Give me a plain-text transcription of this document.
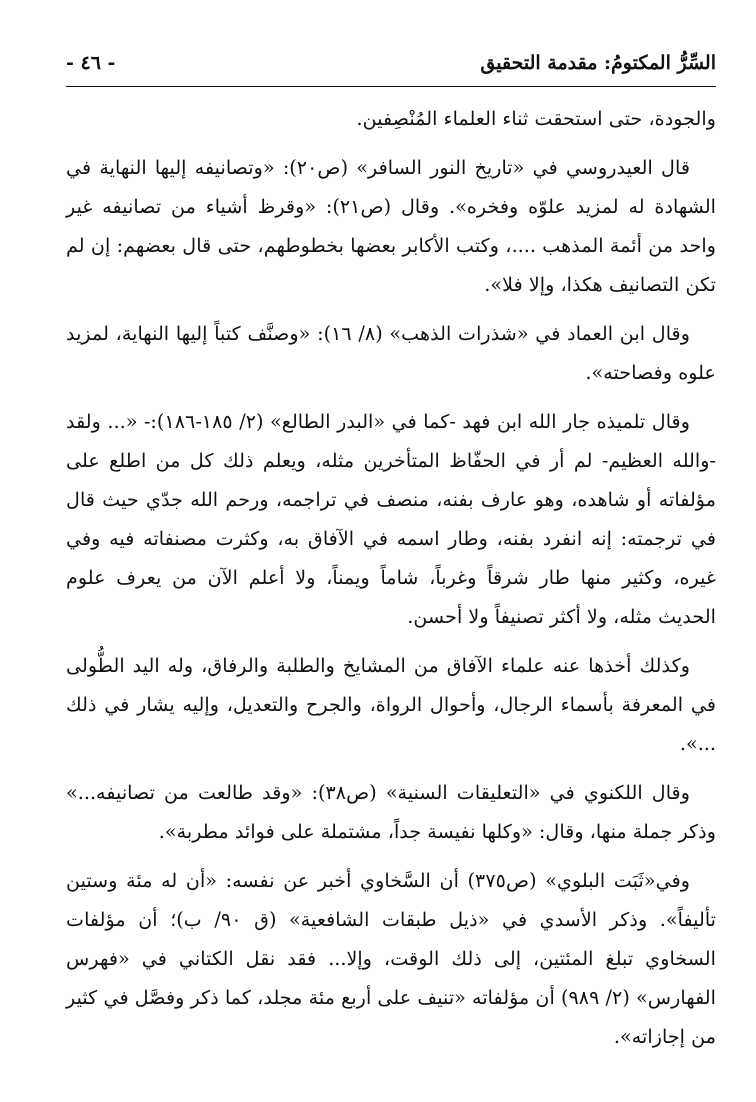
السِّرُّ المكتومُ: مقدمة التحقيق
- ٤٦ -

والجودة، حتى استحقت ثناء العلماء المُنْصِفين.

قال العيدروسي في «تاريخ النور السافر» (ص٢٠): «وتصانيفه إليها النهاية في الشهادة له لمزيد علوّه وفخره». وقال (ص٢١): «وقرظ أشياء من تصانيفه غير واحد من أئمة المذهب ....، وكتب الأكابر بعضها بخطوطهم، حتى قال بعضهم: إن لم تكن التصانيف هكذا، وإلا فلا».

وقال ابن العماد في «شذرات الذهب» (٨/ ١٦): «وصنَّف كتباً إليها النهاية، لمزيد علوه وفصاحته».

وقال تلميذه جار الله ابن فهد -كما في «البدر الطالع» (٢/ ١٨٥-١٨٦):- «... ولقد -والله العظيم- لم أر في الحفّاظ المتأخرين مثله، ويعلم ذلك كل من اطلع على مؤلفاته أو شاهده، وهو عارف بفنه، منصف في تراجمه، ورحم الله جدّي حيث قال في ترجمته: إنه انفرد بفنه، وطار اسمه في الآفاق به، وكثرت مصنفاته فيه وفي غيره، وكثير منها طار شرقاً وغرباً، شاماً ويمناً، ولا أعلم الآن من يعرف علوم الحديث مثله، ولا أكثر تصنيفاً ولا أحسن.

وكذلك أخذها عنه علماء الآفاق من المشايخ والطلبة والرفاق، وله اليد الطُّولى في المعرفة بأسماء الرجال، وأحوال الرواة، والجرح والتعديل، وإليه يشار في ذلك ...».

وقال اللكنوي في «التعليقات السنية» (ص٣٨): «وقد طالعت من تصانيفه...» وذكر جملة منها، وقال: «وكلها نفيسة جداً، مشتملة على فوائد مطربة».

وفي«ثَبَت البلوي» (ص٣٧٥) أن السَّخاوي أخبر عن نفسه: «أن له مئة وستين تأليفاً». وذكر الأسدي في «ذيل طبقات الشافعية» (ق ٩٠/ ب)؛ أن مؤلفات السخاوي تبلغ المئتين، إلى ذلك الوقت، وإلا... فقد نقل الكتاني في «فهرس الفهارس» (٢/ ٩٨٩) أن مؤلفاته «تنيف على أربع مئة مجلد، كما ذكر وفصَّل في كثير من إجازاته».
